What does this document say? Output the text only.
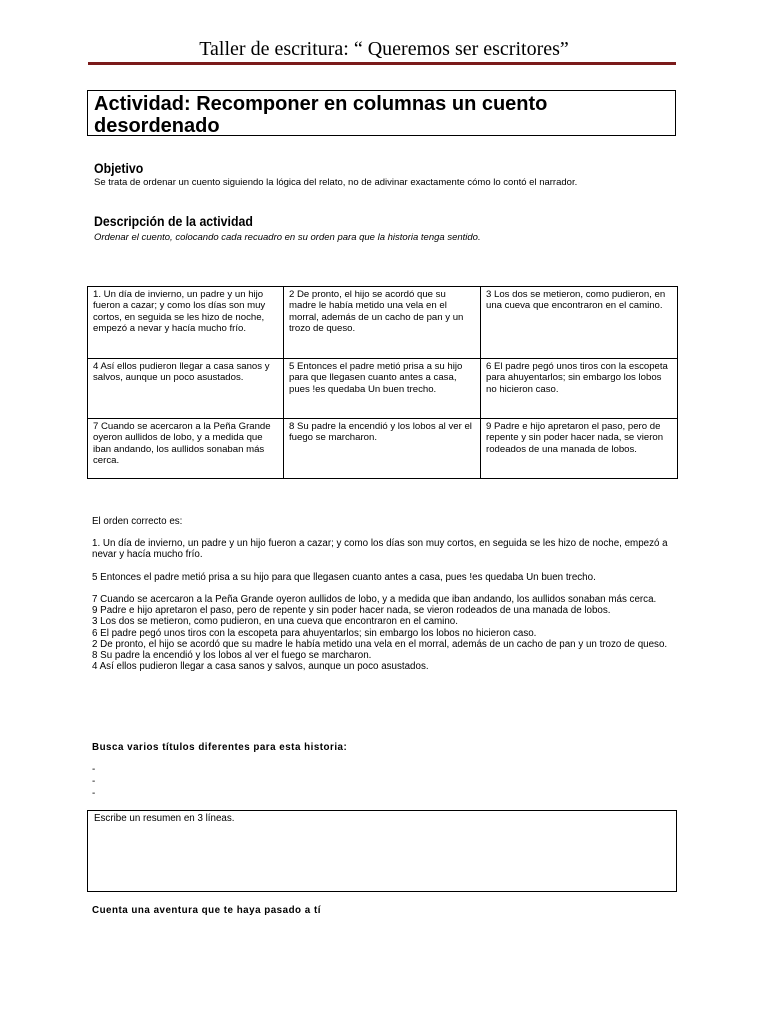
Taller de escritura: “ Queremos ser escritores”
Actividad: Recomponer en columnas un cuento desordenado
Objetivo
Se trata de ordenar un cuento siguiendo la lógica del relato, no de adivinar exactamente cómo lo contó el narrador.
Descripción de la actividad
Ordenar el cuento, colocando cada recuadro en su orden para que la historia tenga sentido.
1. Un día de invierno, un padre y un hijo fueron a cazar; y como los días son muy cortos, en seguida se les hizo de noche, empezó a nevar y hacía mucho frío.	2 De pronto, el hijo se acordó que su madre le había metido una vela en el morral, además de un cacho de pan y un trozo de queso.	3 Los dos se metieron, como pudieron, en una cueva que encontraron en el camino.
4 Así ellos pudieron llegar a casa sanos y salvos, aunque un poco asustados.	5 Entonces el padre metió prisa a su hijo para que llegasen cuanto antes a casa, pues !es quedaba Un buen trecho.	6 El padre pegó unos tiros con la escopeta para ahuyentarlos; sin embargo los lobos no hicieron caso.
7 Cuando se acercaron a la Peña Grande oyeron aullidos de lobo, y a medida que iban andando, los aullidos sonaban más cerca.	8 Su padre la encendió y los lobos al ver el fuego se marcharon.	9 Padre e hijo apretaron el paso, pero de repente y sin poder hacer nada, se vieron rodeados de una manada de lobos.
El orden correcto es:
1. Un día de invierno, un padre y un hijo fueron a cazar; y como los días son muy cortos, en seguida se les hizo de noche, empezó a nevar y hacía mucho frío.
5 Entonces el padre metió prisa a su hijo para que llegasen cuanto antes a casa, pues !es quedaba Un buen trecho.

7 Cuando se acercaron a la Peña Grande oyeron aullidos de lobo, y a medida que iban andando, los aullidos sonaban más cerca.

9 Padre e hijo apretaron el paso, pero de repente y sin poder hacer nada, se vieron rodeados de una manada de lobos.

3 Los dos se metieron, como pudieron, en una cueva que encontraron en el camino.

6 El padre pegó unos tiros con la escopeta para ahuyentarlos; sin embargo los lobos no hicieron caso.

2 De pronto, el hijo se acordó que su madre le había metido una vela en el morral, además de un cacho de pan y un trozo de queso.

8 Su padre la encendió y los lobos al ver el fuego se marcharon.

4 Así ellos pudieron llegar a casa sanos y salvos, aunque un poco asustados.

Busca varios títulos diferentes para esta historia:
-
-
-
Escribe un resumen en 3 líneas.
Cuenta una aventura que te haya pasado a tí
